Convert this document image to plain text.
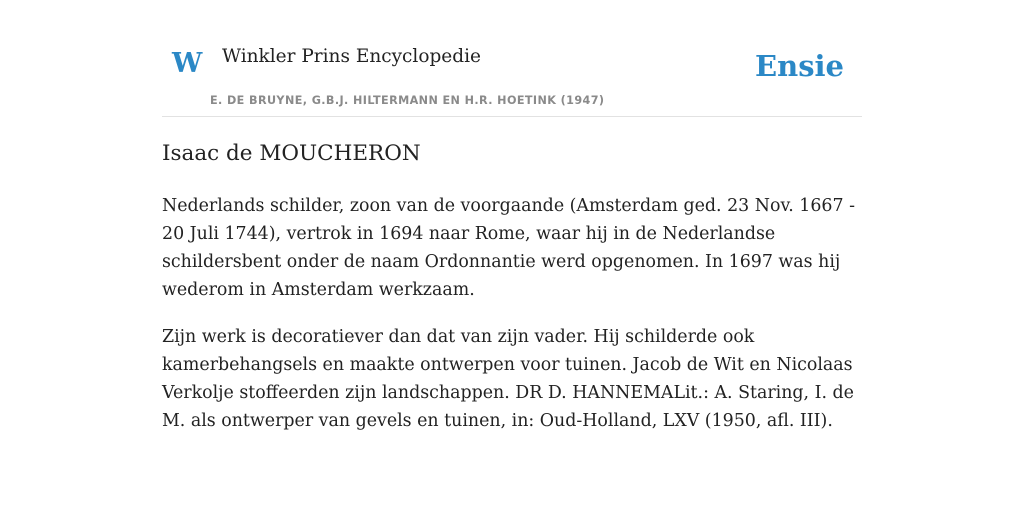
W Winkler Prins Encyclopedie
E. DE BRUYNE, G.B.J. HILTERMANN EN H.R. HOETINK (1947)
Ensie
Isaac de MOUCHERON

Nederlands schilder, zoon van de voorgaande (Amsterdam ged. 23 Nov. 1667 - 20 Juli 1744), vertrok in 1694 naar Rome, waar hij in de Nederlandse schildersbent onder de naam Ordonnantie werd opgenomen. In 1697 was hij wederom in Amsterdam werkzaam.

Zijn werk is decoratiever dan dat van zijn vader. Hij schilderde ook kamerbehangsels en maakte ontwerpen voor tuinen. Jacob de Wit en Nicolaas Verkolje stoffeerden zijn landschappen. DR D. HANNEMALit.: A. Staring, I. de M. als ontwerper van gevels en tuinen, in: Oud-Holland, LXV (1950, afl. III).
